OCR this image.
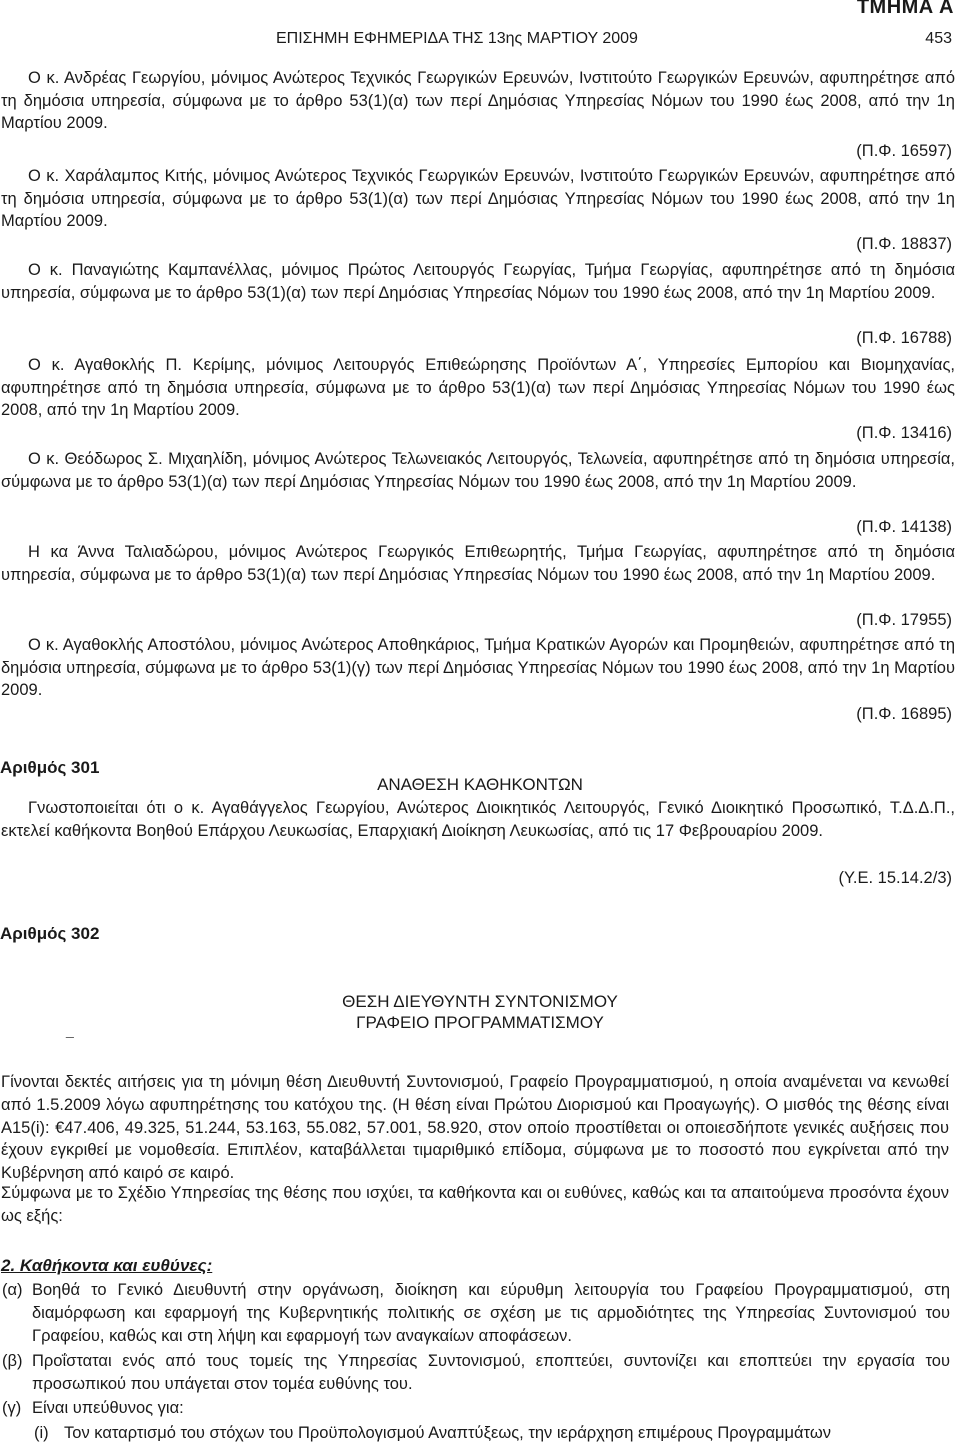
ΤΜΗΜΑ Α
ΕΠΙΣΗΜΗ ΕΦΗΜΕΡΙΔΑ ΤΗΣ 13ης ΜΑΡΤΙΟΥ 2009	453
Ο κ. Ανδρέας Γεωργίου, μόνιμος Ανώτερος Τεχνικός Γεωργικών Ερευνών, Ινστιτούτο Γεωργικών Ερευνών, αφυπηρέτησε από τη δημόσια υπηρεσία, σύμφωνα με το άρθρο 53(1)(α) των περί Δημόσιας Υπηρεσίας Νόμων του 1990 έως 2008, από την 1η Μαρτίου 2009.
(Π.Φ. 16597)
Ο κ. Χαράλαμπος Κιτής, μόνιμος Ανώτερος Τεχνικός Γεωργικών Ερευνών, Ινστιτούτο Γεωργικών Ερευνών, αφυπηρέτησε από τη δημόσια υπηρεσία, σύμφωνα με το άρθρο 53(1)(α) των περί Δημόσιας Υπηρεσίας Νόμων του 1990 έως 2008, από την 1η Μαρτίου 2009.
(Π.Φ. 18837)
Ο κ. Παναγιώτης Καμπανέλλας, μόνιμος Πρώτος Λειτουργός Γεωργίας, Τμήμα Γεωργίας, αφυπηρέτησε από τη δημόσια υπηρεσία, σύμφωνα με το άρθρο 53(1)(α) των περί Δημόσιας Υπηρεσίας Νόμων του 1990 έως 2008, από την 1η Μαρτίου 2009.
(Π.Φ. 16788)
Ο κ. Αγαθοκλής Π. Κερίμης, μόνιμος Λειτουργός Επιθεώρησης Προϊόντων Α΄, Υπηρεσίες Εμπορίου και Βιομηχανίας, αφυπηρέτησε από τη δημόσια υπηρεσία, σύμφωνα με το άρθρο 53(1)(α) των περί Δημόσιας Υπηρεσίας Νόμων του 1990 έως 2008, από την 1η Μαρτίου 2009.
(Π.Φ. 13416)
Ο κ. Θεόδωρος Σ. Μιχαηλίδη, μόνιμος Ανώτερος Τελωνειακός Λειτουργός, Τελωνεία, αφυπηρέτησε από τη δημόσια υπηρεσία, σύμφωνα με το άρθρο 53(1)(α) των περί Δημόσιας Υπηρεσίας Νόμων του 1990 έως 2008, από την 1η Μαρτίου 2009.
(Π.Φ. 14138)
Η κα Άννα Ταλιαδώρου, μόνιμος Ανώτερος Γεωργικός Επιθεωρητής, Τμήμα Γεωργίας, αφυπηρέτησε από τη δημόσια υπηρεσία, σύμφωνα με το άρθρο 53(1)(α) των περί Δημόσιας Υπηρεσίας Νόμων του 1990 έως 2008, από την 1η Μαρτίου 2009.
(Π.Φ. 17955)
Ο κ. Αγαθοκλής Αποστόλου, μόνιμος Ανώτερος Αποθηκάριος, Τμήμα Κρατικών Αγορών και Προμηθειών, αφυπηρέτησε από τη δημόσια υπηρεσία, σύμφωνα με το άρθρο 53(1)(γ) των περί Δημόσιας Υπηρεσίας Νόμων του 1990 έως 2008, από την 1η Μαρτίου 2009.
(Π.Φ. 16895)
Αριθμός 301
ΑΝΑΘΕΣΗ ΚΑΘΗΚΟΝΤΩΝ
Γνωστοποιείται ότι ο κ. Αγαθάγγελος Γεωργίου, Ανώτερος Διοικητικός Λειτουργός, Γενικό Διοικητικό Προσωπικό, Τ.Δ.Δ.Π., εκτελεί καθήκοντα Βοηθού Επάρχου Λευκωσίας, Επαρχιακή Διοίκηση Λευκωσίας, από τις 17 Φεβρουαρίου 2009.
(Υ.Ε. 15.14.2/3)
Αριθμός 302
ΘΕΣΗ ΔΙΕΥΘΥΝΤΗ ΣΥΝΤΟΝΙΣΜΟΥ
ΓΡΑΦΕΙΟ ΠΡΟΓΡΑΜΜΑΤΙΣΜΟΥ
_
Γίνονται δεκτές αιτήσεις για τη μόνιμη θέση Διευθυντή Συντονισμού, Γραφείο Προγραμματισμού, η οποία αναμένεται να κενωθεί από 1.5.2009 λόγω αφυπηρέτησης του κατόχου της. (Η θέση είναι Πρώτου Διορισμού και Προαγωγής). Ο μισθός της θέσης είναι Α15(i): €47.406, 49.325, 51.244, 53.163, 55.082, 57.001, 58.920, στον οποίο προστίθεται οι οποιεσδήποτε γενικές αυξήσεις που έχουν εγκριθεί με νομοθεσία. Επιπλέον, καταβάλλεται τιμαριθμικό επίδομα, σύμφωνα με το ποσοστό που εγκρίνεται από την Κυβέρνηση από καιρό σε καιρό.
Σύμφωνα με το Σχέδιο Υπηρεσίας της θέσης που ισχύει, τα καθήκοντα και οι ευθύνες, καθώς και τα απαιτούμενα προσόντα έχουν ως εξής:
2. Καθήκοντα και ευθύνες:
(α) Βοηθά το Γενικό Διευθυντή στην οργάνωση, διοίκηση και εύρυθμη λειτουργία του Γραφείου Προγραμματισμού, στη διαμόρφωση και εφαρμογή της Κυβερνητικής πολιτικής σε σχέση με τις αρμοδιότητες της Υπηρεσίας Συντονισμού του Γραφείου, καθώς και στη λήψη και εφαρμογή των αναγκαίων αποφάσεων.
(β) Προΐσταται ενός από τους τομείς της Υπηρεσίας Συντονισμού, εποπτεύει, συντονίζει και εποπτεύει την εργασία του προσωπικού που υπάγεται στον τομέα ευθύνης του.
(γ) Είναι υπεύθυνος για:
(i) Τον καταρτισμό του στόχων του Προϋπολογισμού Αναπτύξεως, την ιεράρχηση επιμέρους Προγραμμάτων
